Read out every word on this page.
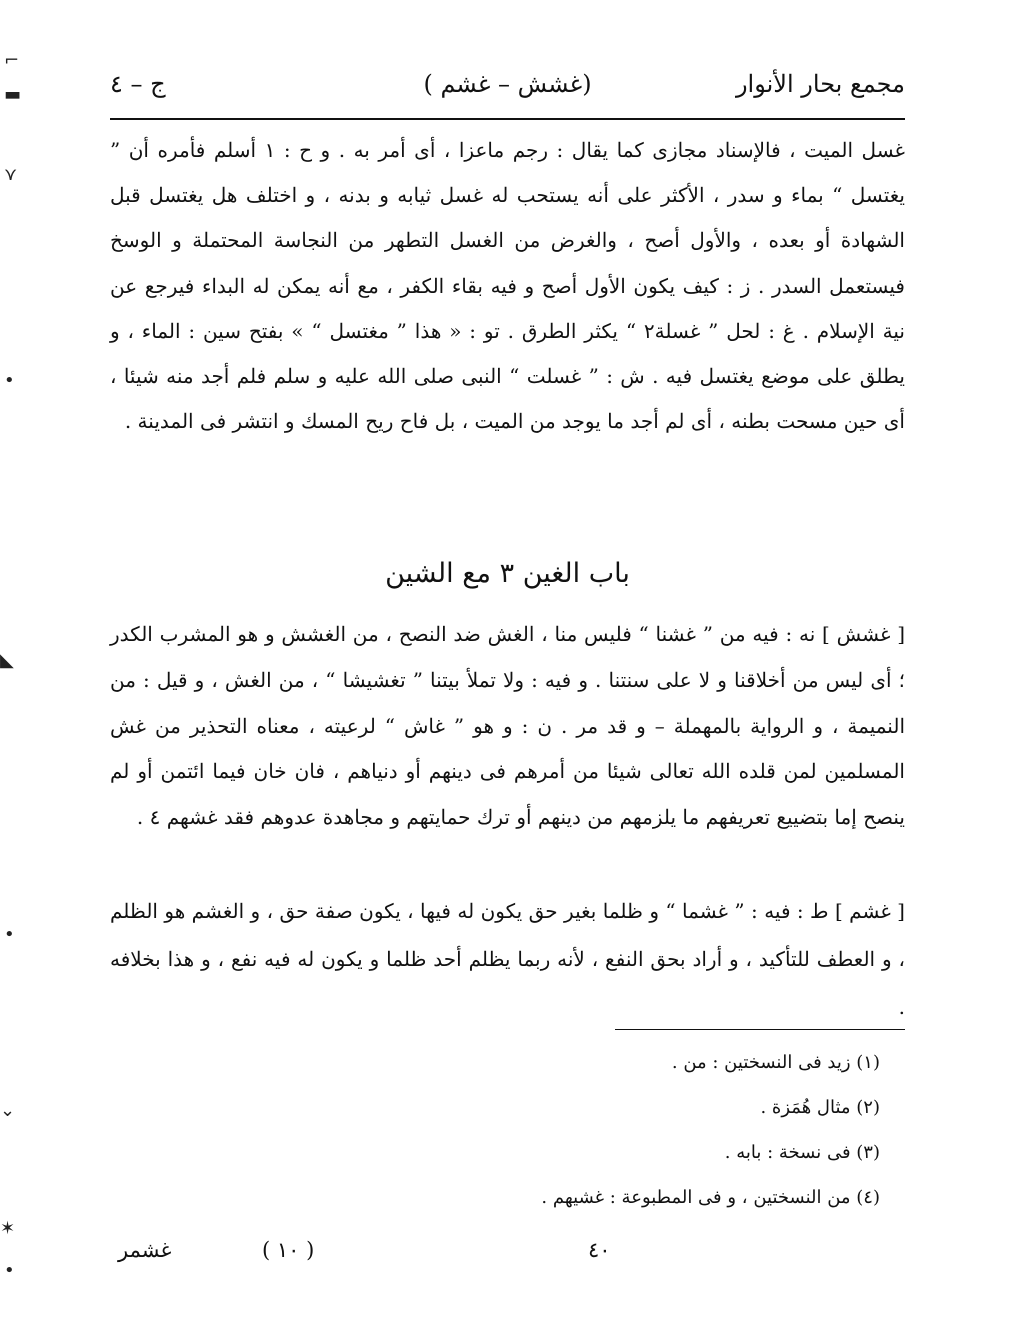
مجمع بحار الأنوار
(غشش – غشم )
ج – ٤

غسل الميت ، فالإسناد مجازى كما يقال : رجم ماعزا ، أى أمر به . و ح : ١ أسلم فأمره أن ” يغتسل “ بماء و سدر ، الأكثر على أنه يستحب له غسل ثيابه و بدنه ، و اختلف هل يغتسل قبل الشهادة أو بعده ، والأول أصح ، والغرض من الغسل التطهر من النجاسة المحتملة و الوسخ فيستعمل السدر . ز : كيف يكون الأول أصح و فيه بقاء الكفر ، مع أنه يمكن له البداء فيرجع عن نية الإسلام . غ : لحل ” غسلة٢ “ يكثر الطرق . تو : « هذا ” مغتسل “ » بفتح سين : الماء ، و يطلق على موضع يغتسل فيه . ش : ” غسلت “ النبى صلى الله عليه و سلم فلم أجد منه شيئا ، أى حين مسحت بطنه ، أى لم أجد ما يوجد من الميت ، بل فاح ريح المسك و انتشر فى المدينة .

باب الغين ٣ مع الشين

[ غشش ] نه : فيه من ” غشنا “ فليس منا ، الغش ضد النصح ، من الغشش و هو المشرب الكدر ؛ أى ليس من أخلاقنا و لا على سنتنا . و فيه : ولا تملأ بيتنا ” تغشيشا “ ، من الغش ، و قيل : من النميمة ، و الرواية بالمهملة – و قد مر . ن : و هو ” غاش “ لرعيته ، معناه التحذير من غش المسلمين لمن قلده الله تعالى شيئا من أمرهم فى دينهم أو دنياهم ، فان خان فيما ائتمن أو لم ينصح إما بتضييع تعريفهم ما يلزمهم من دينهم أو ترك حمايتهم و مجاهدة عدوهم فقد غشهم ٤ .

[ غشم ] ط : فيه : ” غشما “ و ظلما بغير حق يكون له فيها ، يكون صفة حق ، و الغشم هو الظلم ، و العطف للتأكيد ، و أراد بحق النفع ، لأنه ربما يظلم أحد ظلما و يكون له فيه نفع ، و هذا بخلافه .

(١) زيد فى النسختين : من .
(٢) مثال هُمَزة .
(٣) فى نسخة : بابه .
(٤) من النسختين ، و فى المطبوعة : غشيهم .
٤٠
( ١٠ )
غشمر
⌐
▬
⋎
•
◣
•
⌄
✶
•
